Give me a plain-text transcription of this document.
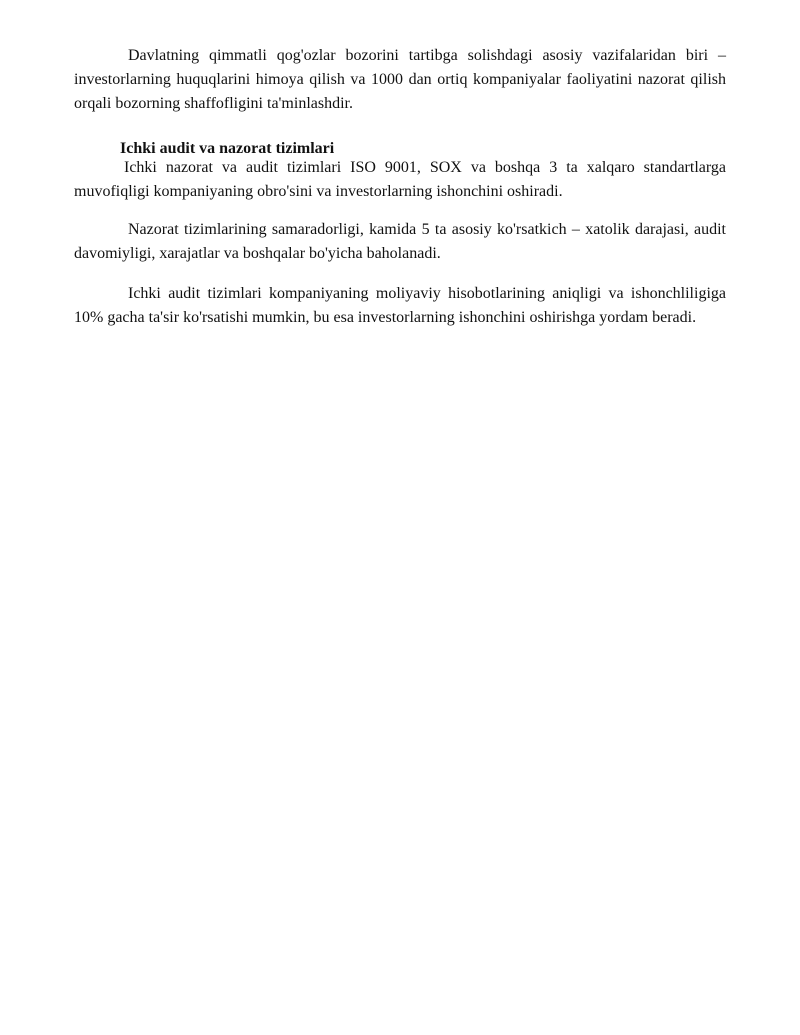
Davlatning qimmatli qog'ozlar bozorini tartibga solishdagi asosiy vazifalaridan biri – investorlarning huquqlarini himoya qilish va 1000 dan ortiq kompaniyalar faoliyatini nazorat qilish orqali bozorning shaffofligini ta'minlashdir.

Ichki audit va nazorat tizimlari

Ichki nazorat va audit tizimlari ISO 9001, SOX va boshqa 3 ta xalqaro standartlarga muvofiqligi kompaniyaning obro'sini va investorlarning ishonchini oshiradi.

Nazorat tizimlarining samaradorligi, kamida 5 ta asosiy ko'rsatkich – xatolik darajasi, audit davomiyligi, xarajatlar va boshqalar bo'yicha baholanadi.

Ichki audit tizimlari kompaniyaning moliyaviy hisobotlarining aniqligi va ishonchliligiga 10% gacha ta'sir ko'rsatishi mumkin, bu esa investorlarning ishonchini oshirishga yordam beradi.
